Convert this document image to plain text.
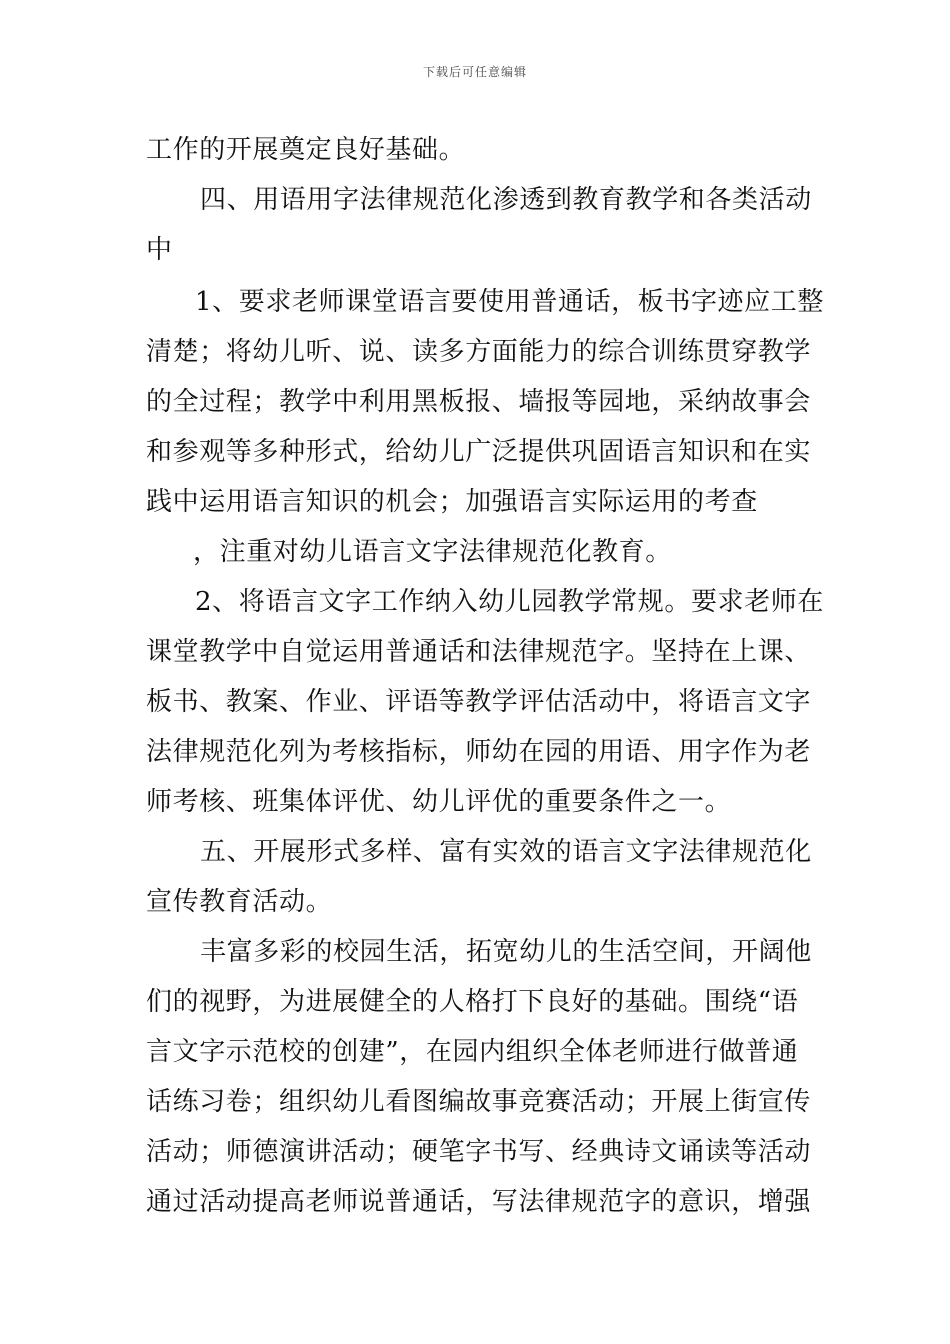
下载后可任意编辑
工作的开展奠定良好基础。
四、用语用字法律规范化渗透到教育教学和各类活动
中
1、要求老师课堂语言要使用普通话，板书字迹应工整
清楚；将幼儿听、说、读多方面能力的综合训练贯穿教学
的全过程；教学中利用黑板报、墙报等园地，采纳故事会
和参观等多种形式，给幼儿广泛提供巩固语言知识和在实
践中运用语言知识的机会；加强语言实际运用的考查
，注重对幼儿语言文字法律规范化教育。
2、将语言文字工作纳入幼儿园教学常规。要求老师在
课堂教学中自觉运用普通话和法律规范字。坚持在上课、
板书、教案、作业、评语等教学评估活动中，将语言文字
法律规范化列为考核指标，师幼在园的用语、用字作为老
师考核、班集体评优、幼儿评优的重要条件之一。
五、开展形式多样、富有实效的语言文字法律规范化
宣传教育活动。
丰富多彩的校园生活，拓宽幼儿的生活空间，开阔他
们的视野，为进展健全的人格打下良好的基础。围绕“语
言文字示范校的创建”，在园内组织全体老师进行做普通
话练习卷；组织幼儿看图编故事竞赛活动；开展上街宣传
活动；师德演讲活动；硬笔字书写、经典诗文诵读等活动
通过活动提高老师说普通话，写法律规范字的意识，增强
